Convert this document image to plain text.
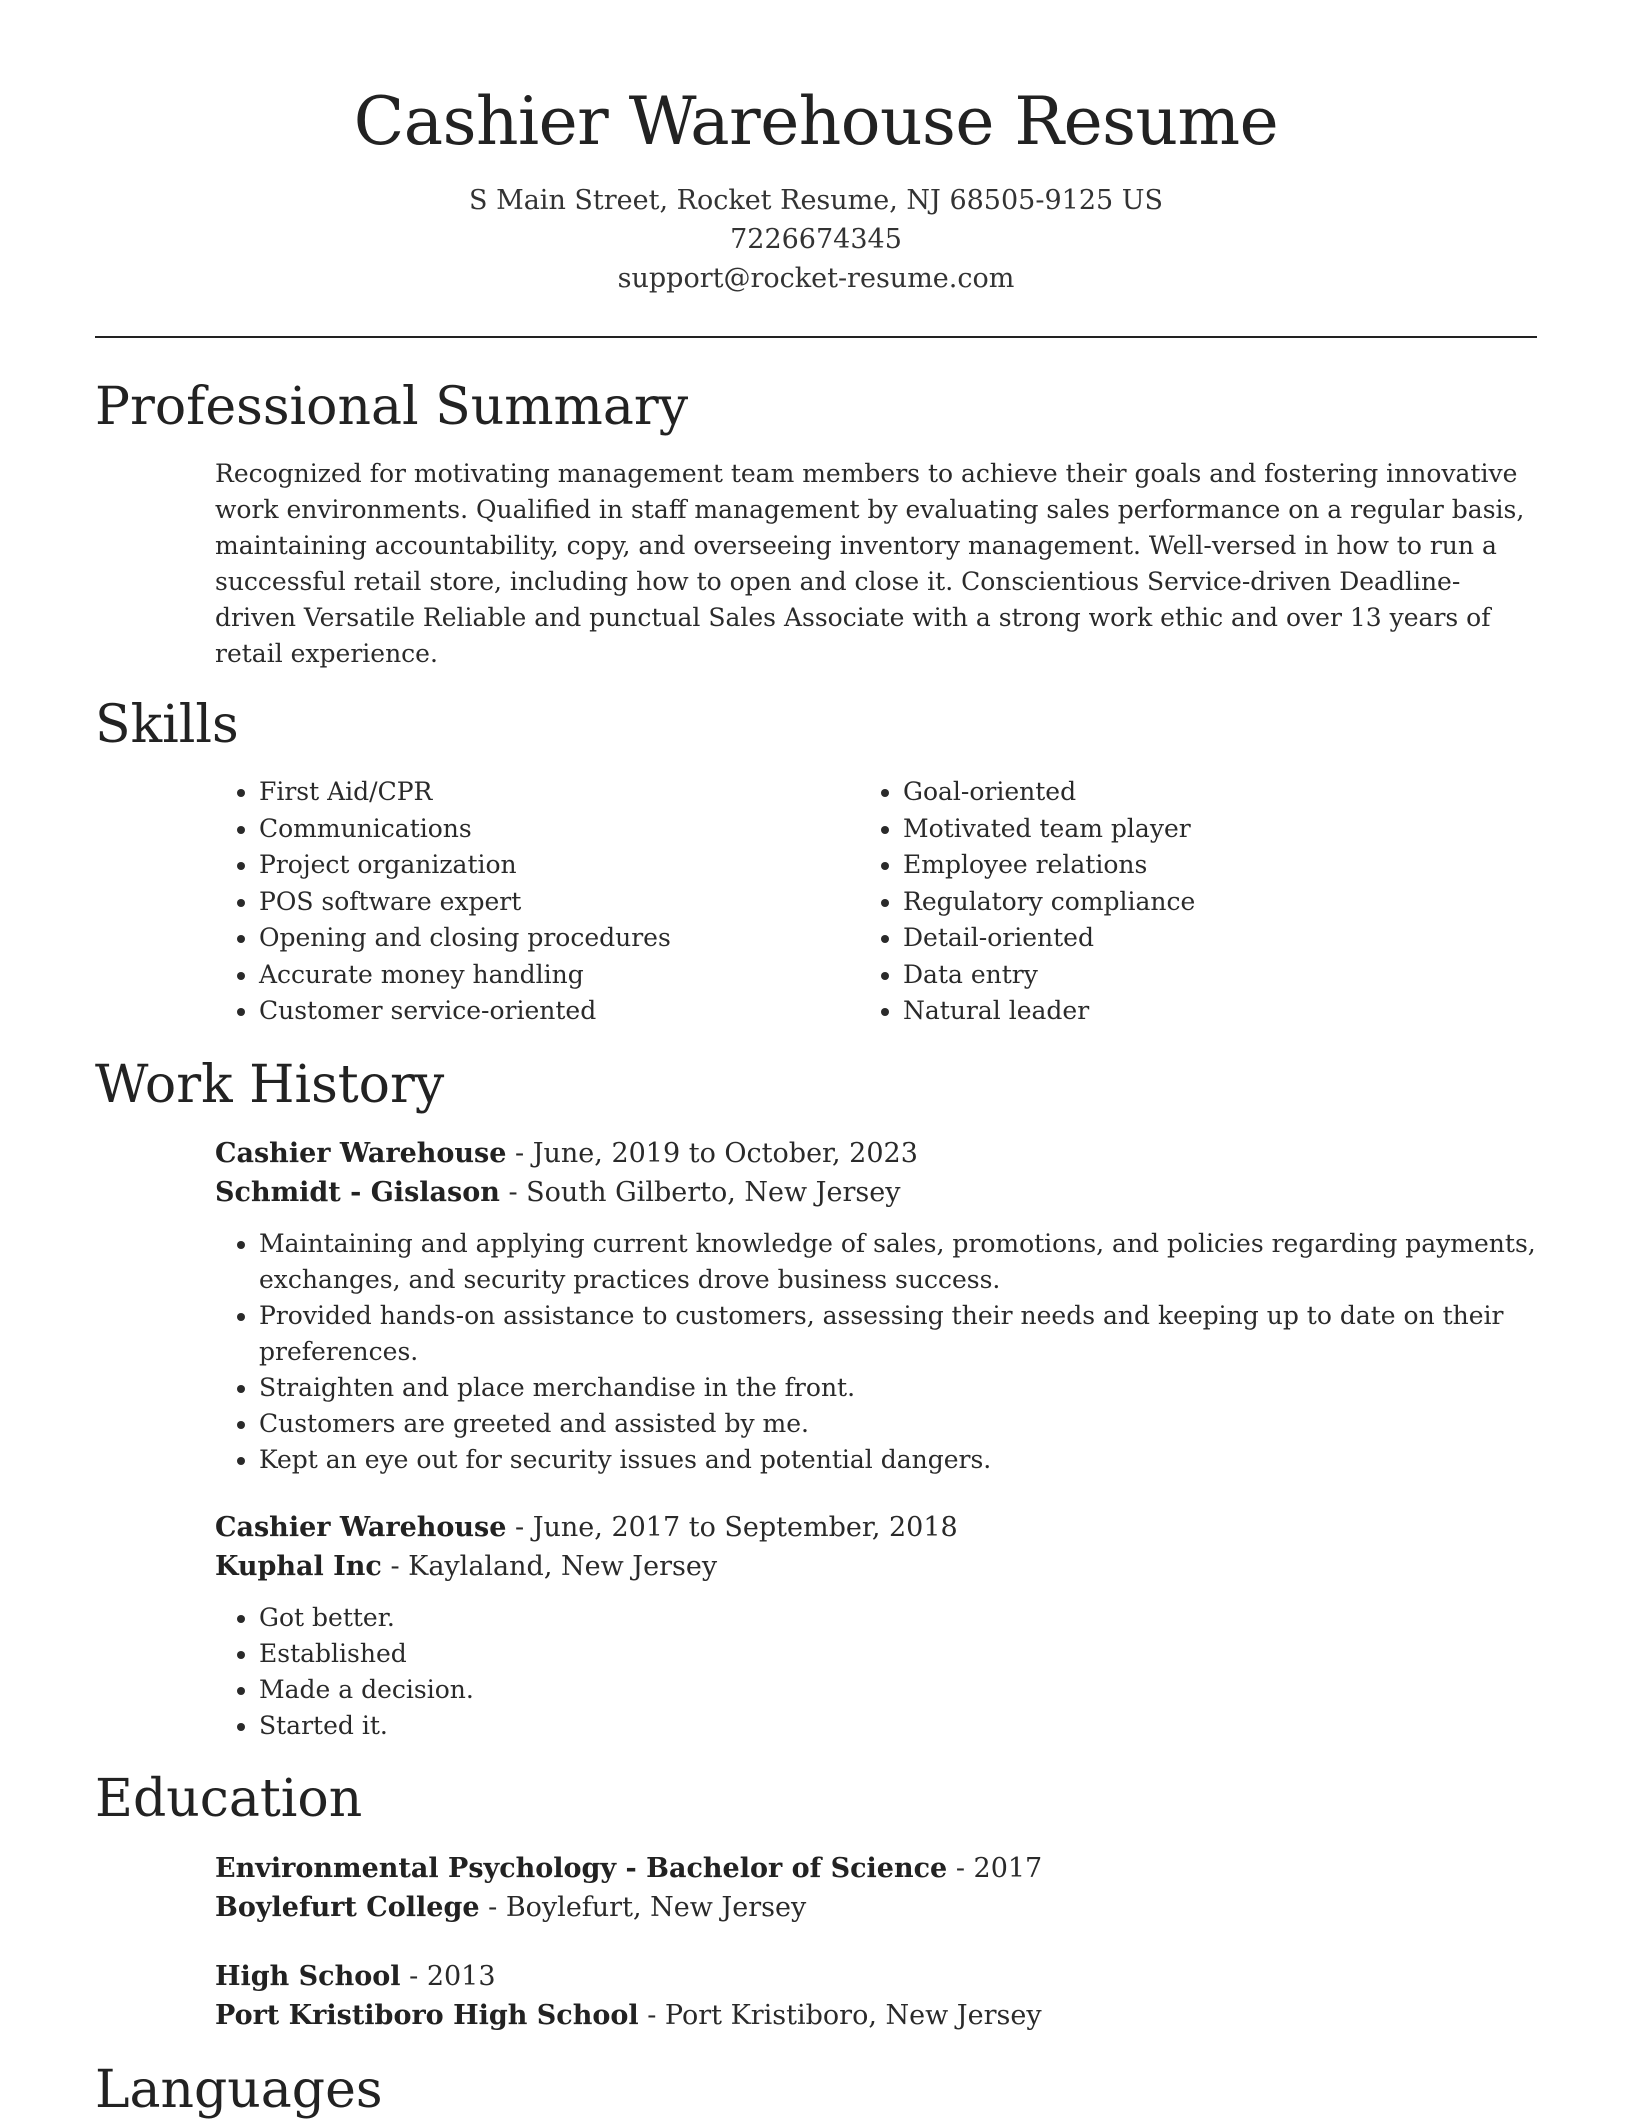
Cashier Warehouse Resume
S Main Street, Rocket Resume, NJ 68505-9125 US
7226674345
support@rocket-resume.com
Professional Summary

Recognized for motivating management team members to achieve their goals and fostering innovative work environments. Qualified in staff management by evaluating sales performance on a regular basis, maintaining accountability, copy, and overseeing inventory management. Well-versed in how to run a successful retail store, including how to open and close it. Conscientious Service-driven Deadline-driven Versatile Reliable and punctual Sales Associate with a strong work ethic and over 13 years of retail experience.

Skills
• First Aid/CPR
• Communications
• Project organization
• POS software expert
• Opening and closing procedures
• Accurate money handling
• Customer service-oriented
• Goal-oriented
• Motivated team player
• Employee relations
• Regulatory compliance
• Detail-oriented
• Data entry
• Natural leader
Work History
Cashier Warehouse - June, 2019 to October, 2023
Schmidt - Gislason - South Gilberto, New Jersey
• Maintaining and applying current knowledge of sales, promotions, and policies regarding payments, exchanges, and security practices drove business success.
• Provided hands-on assistance to customers, assessing their needs and keeping up to date on their preferences.
• Straighten and place merchandise in the front.
• Customers are greeted and assisted by me.
• Kept an eye out for security issues and potential dangers.
Cashier Warehouse - June, 2017 to September, 2018
Kuphal Inc - Kaylaland, New Jersey
• Got better.
• Established
• Made a decision.
• Started it.
Education
Environmental Psychology - Bachelor of Science - 2017
Boylefurt College - Boylefurt, New Jersey
High School - 2013
Port Kristiboro High School - Port Kristiboro, New Jersey
Languages
